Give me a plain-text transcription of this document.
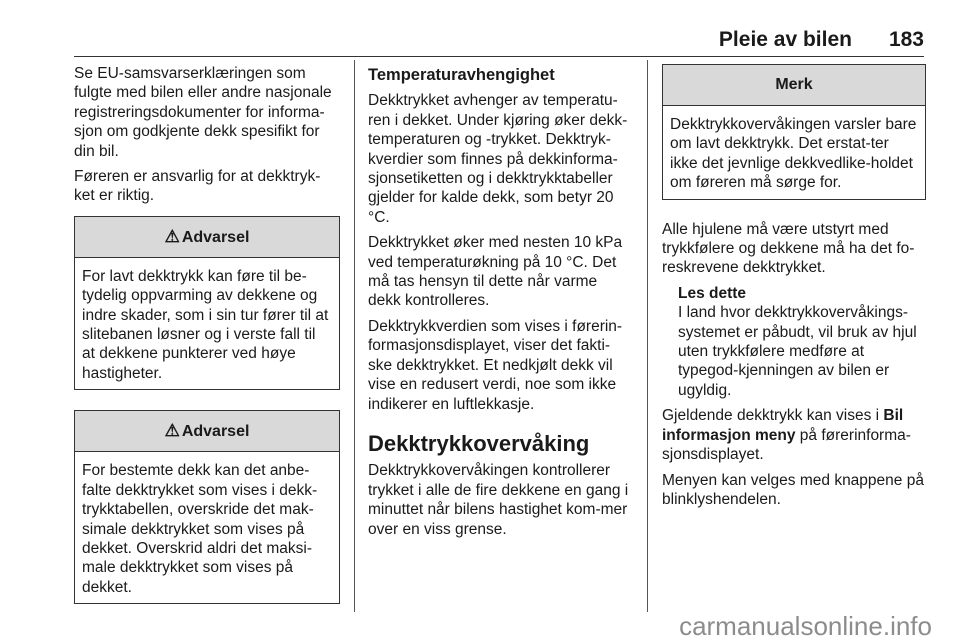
Pleie av bilen 183

Se EU-samsvarserklæringen som fulgte med bilen eller andre nasjonale registreringsdokumenter for informa-sjon om godkjente dekk spesifikt for din bil.

Føreren er ansvarlig for at dekktryk-ket er riktig.

⚠ Advarsel
For lavt dekktrykk kan føre til be-tydelig oppvarming av dekkene og indre skader, som i sin tur fører til at slitebanen løsner og i verste fall til at dekkene punkterer ved høye hastigheter.
⚠ Advarsel
For bestemte dekk kan det anbe-falte dekktrykket som vises i dekk-trykktabellen, overskride det mak-simale dekktrykket som vises på dekket. Overskrid aldri det maksi-male dekktrykket som vises på dekket.
Temperaturavhengighet

Dekktrykket avhenger av temperatu-ren i dekket. Under kjøring øker dekk-temperaturen og -trykket. Dekktryk-kverdier som finnes på dekkinforma-sjonsetiketten og i dekktrykktabeller gjelder for kalde dekk, som betyr 20 °C.

Dekktrykket øker med nesten 10 kPa ved temperaturøkning på 10 °C. Det må tas hensyn til dette når varme dekk kontrolleres.

Dekktrykkverdien som vises i førerin-formasjonsdisplayet, viser det fakti-ske dekktrykket. Et nedkjølt dekk vil vise en redusert verdi, noe som ikke indikerer en luftlekkasje.

Dekktrykkovervåking

Dekktrykkovervåkingen kontrollerer trykket i alle de fire dekkene en gang i minuttet når bilens hastighet kom-mer over en viss grense.

Merk
Dekktrykkovervåkingen varsler bare om lavt dekktrykk. Det erstat-ter ikke det jevnlige dekkvedlike-holdet om føreren må sørge for.

Alle hjulene må være utstyrt med trykkfølere og dekkene må ha det fo-reskrevene dekktrykket.

Les dette
I land hvor dekktrykkovervåkings-systemet er påbudt, vil bruk av hjul uten trykkfølere medføre at typegod-kjenningen av bilen er ugyldig.

Gjeldende dekktrykk kan vises i Bil informasjon meny på førerinforma-sjonsdisplayet.

Menyen kan velges med knappene på blinklyshendelen.

carmanualsonline.info
